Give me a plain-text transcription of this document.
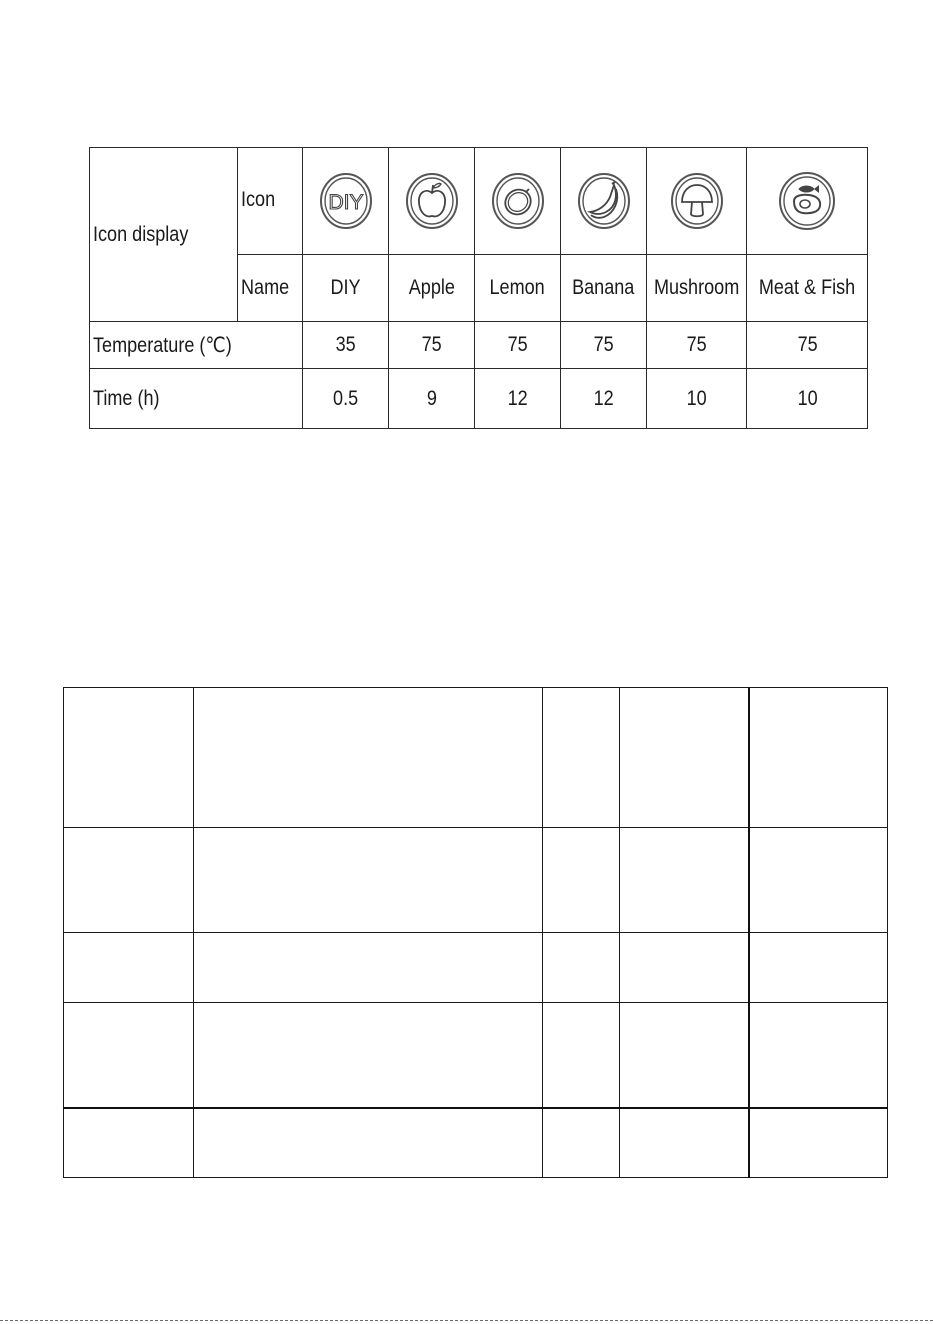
Icon display	Icon	DIY

	Name	DIY	Apple	Lemon	Banana	Mushroom	Meat & Fish
Temperature (℃)		35	75	75	75	75	75
Time (h)		0.5	9	12	12	10	10
